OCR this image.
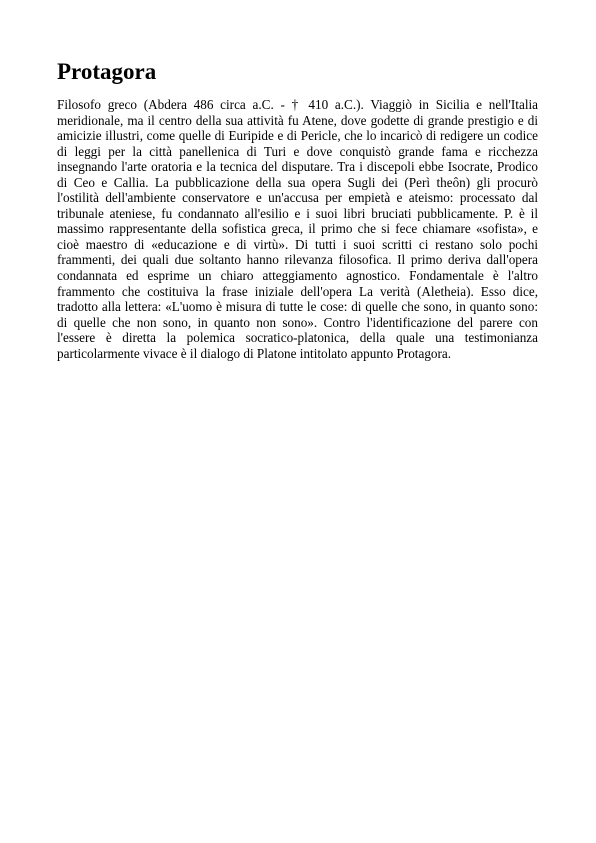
Protagora

Filosofo greco (Abdera 486 circa a.C. - † 410 a.C.). Viaggiò in Sicilia e nell'Italia meridionale, ma il centro della sua attività fu Atene, dove godette di grande prestigio e di amicizie illustri, come quelle di Euripide e di Pericle, che lo incaricò di redigere un codice di leggi per la città panellenica di Turi e dove conquistò grande fama e ricchezza insegnando l'arte oratoria e la tecnica del disputare. Tra i discepoli ebbe Isocrate, Prodico di Ceo e Callia. La pubblicazione della sua opera Sugli dei (Perì theôn) gli procurò l'ostilità dell'ambiente conservatore e un'accusa per empietà e ateismo: processato dal tribunale ateniese, fu condannato all'esilio e i suoi libri bruciati pubblicamente. P. è il massimo rappresentante della sofistica greca, il primo che si fece chiamare «sofista», e cioè maestro di «educazione e di virtù». Di tutti i suoi scritti ci restano solo pochi frammenti, dei quali due soltanto hanno rilevanza filosofica. Il primo deriva dall'opera condannata ed esprime un chiaro atteggiamento agnostico. Fondamentale è l'altro frammento che costituiva la frase iniziale dell'opera La verità (Aletheia). Esso dice, tradotto alla lettera: «L'uomo è misura di tutte le cose: di quelle che sono, in quanto sono: di quelle che non sono, in quanto non sono». Contro l'identificazione del parere con l'essere è diretta la polemica socratico-platonica, della quale una testimonianza particolarmente vivace è il dialogo di Platone intitolato appunto Protagora.
